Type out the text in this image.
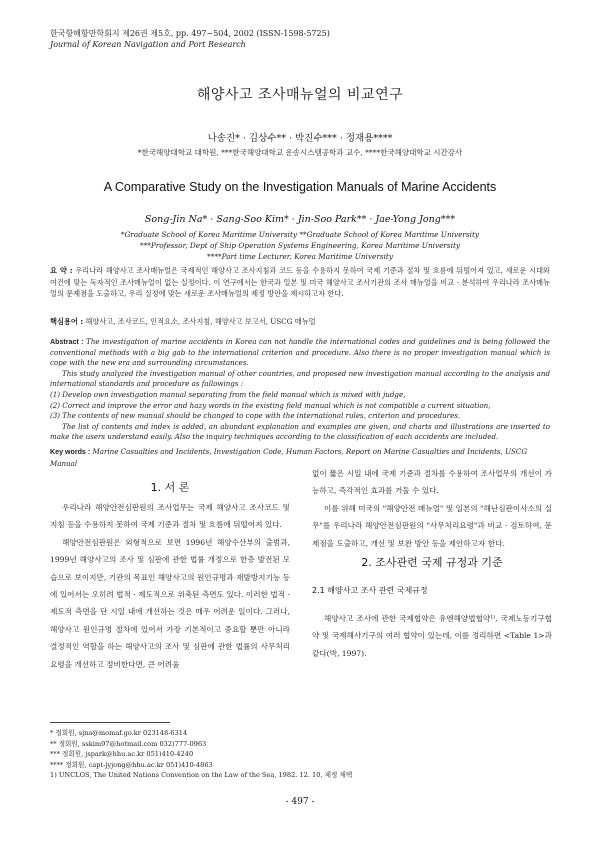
한국항해항만학회지 제26권 제5호, pp. 497~504, 2002 (ISSN-1598-5725)
Journal of Korean Navigation and Port Research
해양사고 조사매뉴얼의 비교연구
나송진* · 김상수** · 박진수*** · 정재용****
*한국해양대학교 대학원, ***한국해양대학교 운송시스템공학과 교수, ****한국해양대학교 시간강사
A Comparative Study on the Investigation Manuals of Marine Accidents
Song-Jin Na* · Sang-Soo Kim* · Jin-Soo Park** · Jae-Yong Jong***
*Graduate School of Korea Maritime University **Graduate School of Korea Maritime University
***Professor, Dept of Ship Operation Systems Engineering, Korea Maritime University
****Part time Lecturer, Korea Maritime University
요 약 : 우리나라 해양사고 조사매뉴얼은 국제적인 해양사고 조사지침과 코드 등을 수용하지 못하여 국제 기준과 절차 및 흐름에 뒤떨어져 있고, 새로운 시대와 여건에 맞는 독자적인 조사매뉴얼이 없는 실정이다. 이 연구에서는 한국과 일본 및 미국 해양사고 조사기관의 조사 매뉴얼을 비교 · 분석하여 우리나라 조사매뉴얼의 문제점을 도출하고, 우리 실정에 맞는 새로운 조사매뉴얼의 제정 방안을 제시하고자 한다.
핵심용어 : 해양사고, 조사코드, 인적요소, 조사지침, 해양사고 보고서, USCG 매뉴얼

Abstract : The investigation of marine accidents in Korea can not handle the international codes and guidelines and is being followed the conventional methods with a big gab to the international criterion and procedure. Also there is no proper investigation manual which is cope with the new era and surrounding circumstances.

This study analyzed the investigation manual of other countries, and proposed new investigation manual according to the analysis and international standards and procedure as fallowings :

(1) Develop own investigation manual separating from the field manual which is mixed with judge,

(2) Correct and improve the error and hazy words in the existing field manual which is not compatible a current situation,

(3) The contents of new manual should be changed to cope with the international rules, criterion and procedures.

The list of contents and index is added, an abundant explanation and examples are given, and charts and illustrations are inserted to make the users understand easily. Also the inquiry techniques according to the classification of each accidents are included.

Key words : Marine Casualties and Incidents, Investigation Code, Human Factors, Report on Marine Casualties and Incidents, USCG Manual
1. 서 론

우리나라 해양안전심판원의 조사업무는 국제 해양사고 조사코드 및 지침 등을 수용하지 못하여 국제 기준과 절차 및 흐름에 뒤떨어져 있다.

해양안전심판원은 외형적으로 보면 1996년 해양수산부의 출범과, 1999년 해양사고의 조사 및 심판에 관한 법률 개정으로 한층 발전된 모습으로 보이지만, 기관의 목표인 해양사고의 원인규명과 재발방지기능 등에 있어서는 오히려 법적 · 제도적으로 위축된 측면도 있다. 이러한 법적 · 제도적 측면을 단 시일 내에 개선하는 것은 매우 어려운 일이다. 그러나, 해양사고 원인규명 절차에 있어서 가장 기본적이고 중요할 뿐만 아니라 결정적인 역할을 하는 해양사고의 조사 및 심판에 관한 법률의 사무처리요령을 개선하고 정비한다면, 큰 어려움

없이 짧은 시일 내에 국제 기준과 절차를 수용하여 조사업무의 개선이 가능하고, 즉각적인 효과를 거둘 수 있다.

이를 위해 미국의 "해양안전 매뉴얼" 및 일본의 "해난심판이사소의 실무"를 우리나라 해양안전심판원의 "사무처리요령"과 비교 · 검토하여, 문제점을 도출하고, 개선 및 보완 방안 등을 제안하고자 한다.

2. 조사관련 국제 규정과 기준
2.1 해양사고 조사 관련 국제규정

해양사고 조사에 관한 국제협약은 유엔해양법협약¹⁾, 국제노동기구협약 및 국제해사기구의 여러 협약이 있는데, 이를 정리하면 <Table 1>과 같다(박, 1997).

* 정회원, sjna@momaf.go.kr 023148-6314
** 정회원, sskim97@hotmail.com 032)777-0963
*** 정회원, jspark@hhu.ac.kr 051)410-4240
**** 정회원, capt-jyjong@hhu.ac.kr 051)410-4863
1) UNCLOS, The United Nations Convention on the Law of the Sea, 1982. 12. 10. 제정 채택
- 497 -
